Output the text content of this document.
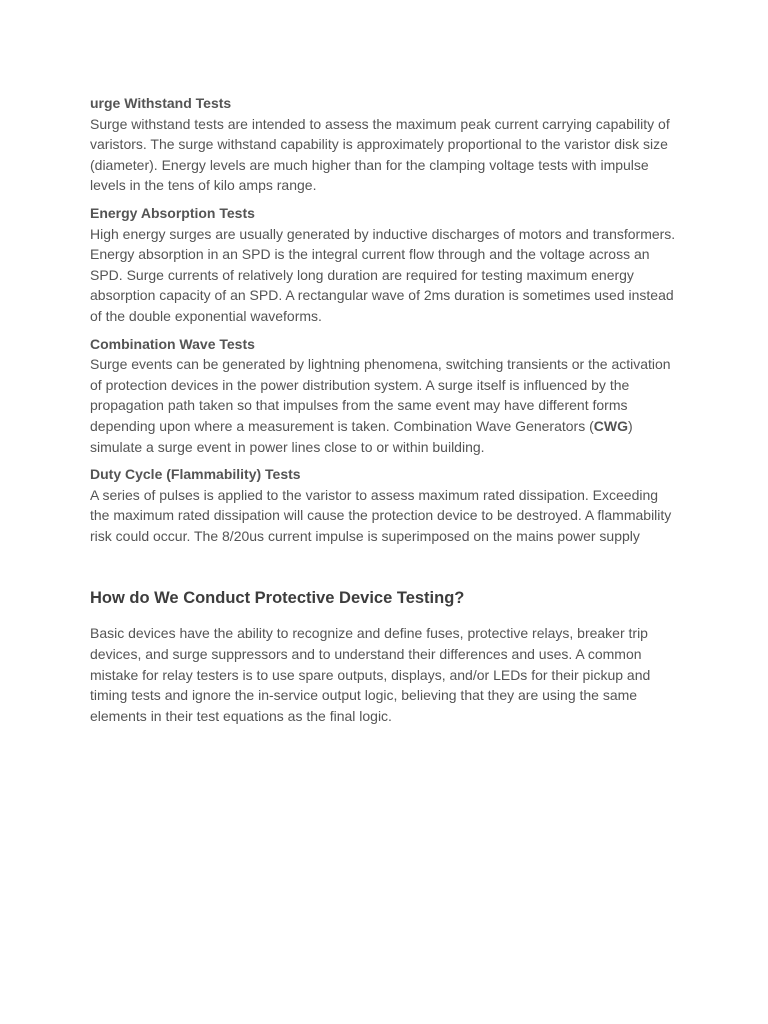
urge Withstand Tests

Surge withstand tests are intended to assess the maximum peak current carrying capability of varistors. The surge withstand capability is approximately proportional to the varistor disk size (diameter). Energy levels are much higher than for the clamping voltage tests with impulse levels in the tens of kilo amps range.

Energy Absorption Tests

High energy surges are usually generated by inductive discharges of motors and transformers. Energy absorption in an SPD is the integral current flow through and the voltage across an SPD. Surge currents of relatively long duration are required for testing maximum energy absorption capacity of an SPD. A rectangular wave of 2ms duration is sometimes used instead of the double exponential waveforms.

Combination Wave Tests

Surge events can be generated by lightning phenomena, switching transients or the activation of protection devices in the power distribution system. A surge itself is influenced by the propagation path taken so that impulses from the same event may have different forms depending upon where a measurement is taken. Combination Wave Generators (CWG) simulate a surge event in power lines close to or within building.

Duty Cycle (Flammability) Tests

A series of pulses is applied to the varistor to assess maximum rated dissipation. Exceeding the maximum rated dissipation will cause the protection device to be destroyed. A flammability risk could occur. The 8/20us current impulse is superimposed on the mains power supply

How do We Conduct Protective Device Testing?

Basic devices have the ability to recognize and define fuses, protective relays, breaker trip devices, and surge suppressors and to understand their differences and uses. A common mistake for relay testers is to use spare outputs, displays, and/or LEDs for their pickup and timing tests and ignore the in-service output logic, believing that they are using the same elements in their test equations as the final logic.
